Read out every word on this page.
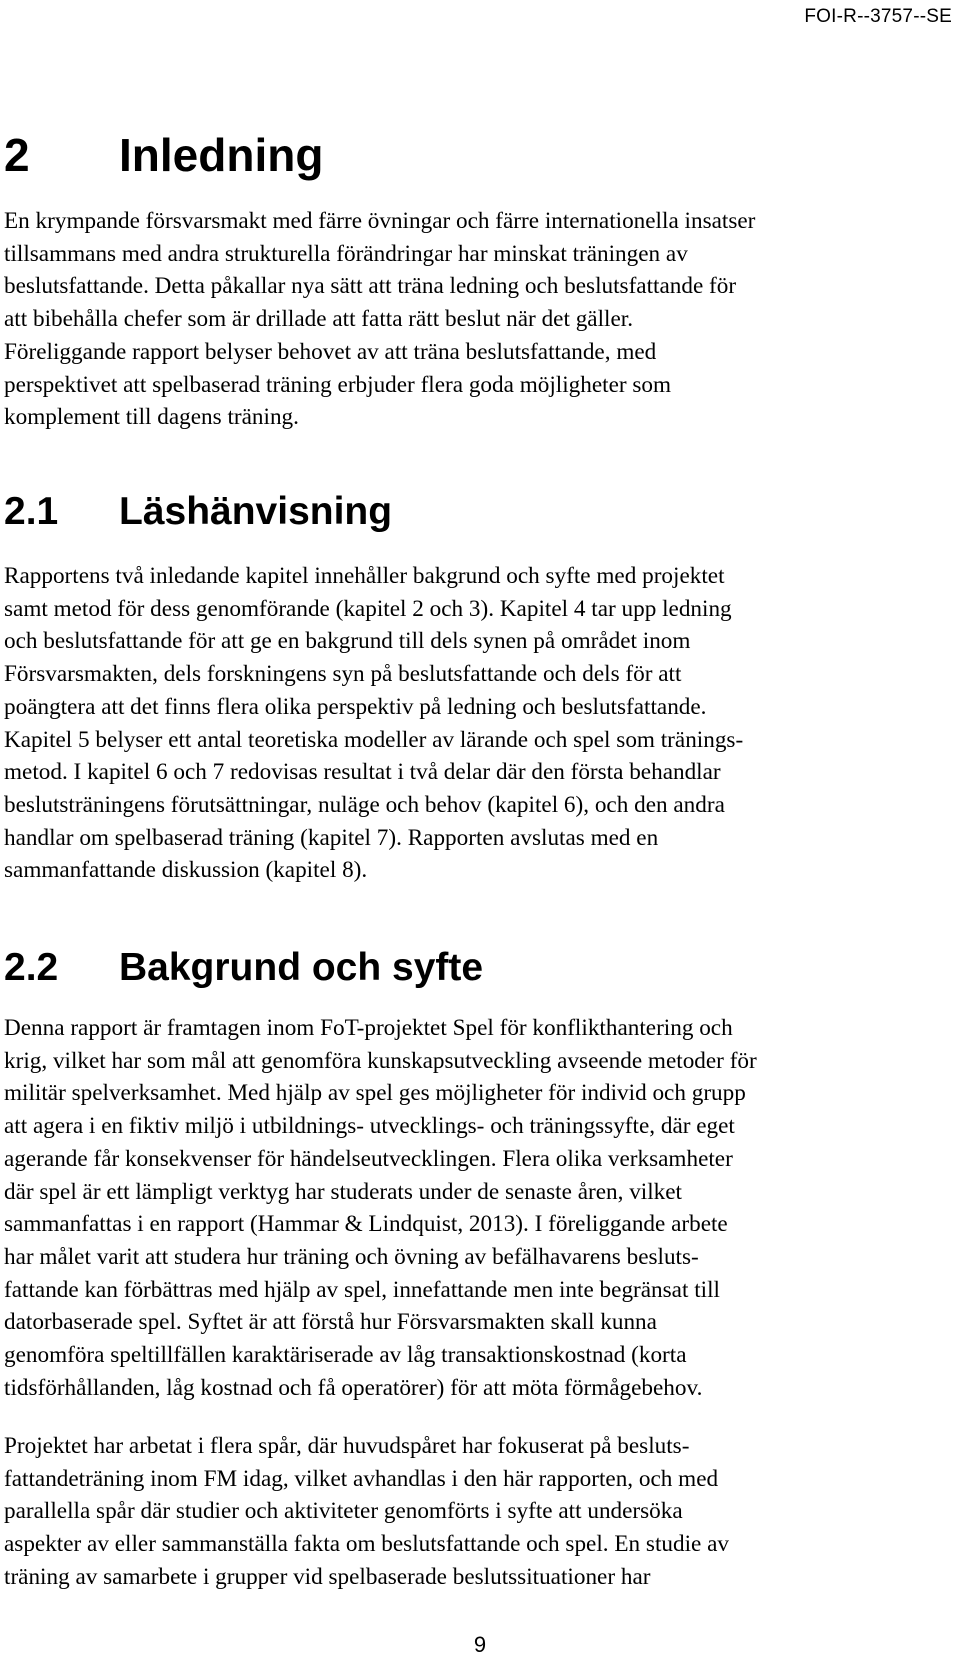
FOI-R--3757--SE
2	Inledning

En krympande försvarsmakt med färre övningar och färre internationella insatser
tillsammans med andra strukturella förändringar har minskat träningen av
beslutsfattande. Detta påkallar nya sätt att träna ledning och beslutsfattande för
att bibehålla chefer som är drillade att fatta rätt beslut när det gäller.
Föreliggande rapport belyser behovet av att träna beslutsfattande, med
perspektivet att spelbaserad träning erbjuder flera goda möjligheter som
komplement till dagens träning.

2.1	Läshänvisning

Rapportens två inledande kapitel innehåller bakgrund och syfte med projektet
samt metod för dess genomförande (kapitel 2 och 3). Kapitel 4 tar upp ledning
och beslutsfattande för att ge en bakgrund till dels synen på området inom
Försvarsmakten, dels forskningens syn på beslutsfattande och dels för att
poängtera att det finns flera olika perspektiv på ledning och beslutsfattande.
Kapitel 5 belyser ett antal teoretiska modeller av lärande och spel som tränings-
metod. I kapitel 6 och 7 redovisas resultat i två delar där den första behandlar
beslutsträningens förutsättningar, nuläge och behov (kapitel 6), och den andra
handlar om spelbaserad träning (kapitel 7). Rapporten avslutas med en
sammanfattande diskussion (kapitel 8).

2.2	Bakgrund och syfte

Denna rapport är framtagen inom FoT-projektet Spel för konflikthantering och
krig, vilket har som mål att genomföra kunskapsutveckling avseende metoder för
militär spelverksamhet. Med hjälp av spel ges möjligheter för individ och grupp
att agera i en fiktiv miljö i utbildnings- utvecklings- och träningssyfte, där eget
agerande får konsekvenser för händelseutvecklingen. Flera olika verksamheter
där spel är ett lämpligt verktyg har studerats under de senaste åren, vilket
sammanfattas i en rapport (Hammar & Lindquist, 2013). I föreliggande arbete
har målet varit att studera hur träning och övning av befälhavarens besluts-
fattande kan förbättras med hjälp av spel, innefattande men inte begränsat till
datorbaserade spel. Syftet är att förstå hur Försvarsmakten skall kunna
genomföra speltillfällen karaktäriserade av låg transaktionskostnad (korta
tidsförhållanden, låg kostnad och få operatörer) för att möta förmågebehov.

Projektet har arbetat i flera spår, där huvudspåret har fokuserat på besluts-
fattandeträning inom FM idag, vilket avhandlas i den här rapporten, och med
parallella spår där studier och aktiviteter genomförts i syfte att undersöka
aspekter av eller sammanställa fakta om beslutsfattande och spel. En studie av
träning av samarbete i grupper vid spelbaserade beslutssituationer har

9
